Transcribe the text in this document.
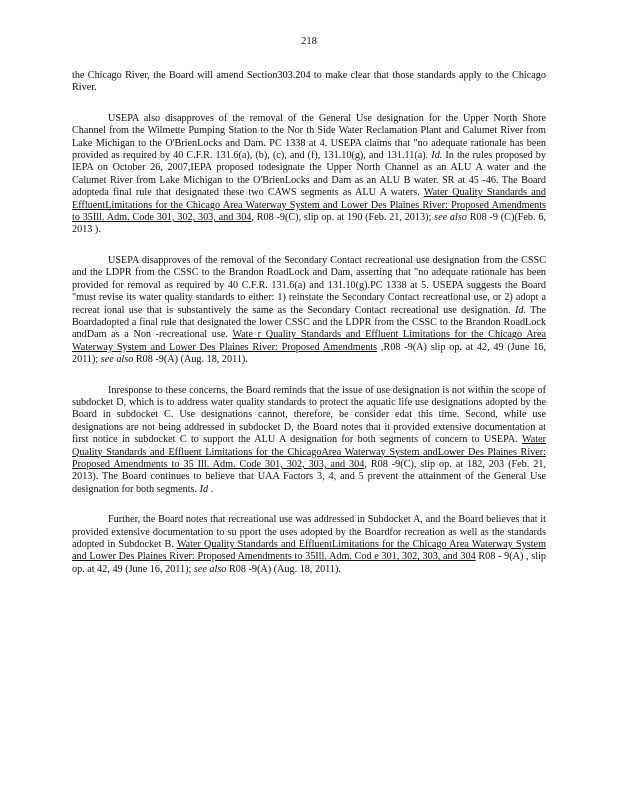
218

the Chicago River, the Board will amend Section303.204 to make clear that those standards apply to the Chicago River.

USEPA also disapproves of the removal of the General Use designation for the Upper North Shore Channel from the Wilmette Pumping Station to the Nor th Side Water Reclamation Plant and Calumet River from Lake Michigan to the O'BrienLocks and Dam. PC 1338 at 4. USEPA claims that "no adequate rationale has been provided as required by 40 C.F.R. 131.6(a), (b), (c), and (f), 131.10(g), and 131.11(a). Id. In the rules proposed by IEPA on October 26, 2007,IEPA proposed todesignate the Upper North Channel as an ALU A water and the Calumet River from Lake Michigan to the O'BrienLocks and Dam as an ALU B water. SR at 45 -46. The Board adopteda final rule that designated these two CAWS segments as ALU A waters. Water Quality Standards and EffluentLimitations for the Chicago Area Waterway System and Lower Des Plaines River: Proposed Amendments to 35Ill. Adm. Code 301, 302, 303, and 304, R08 -9(C), slip op. at 190 (Feb. 21, 2013); see also R08 -9 (C)(Feb. 6, 2013 ).

USEPA disapproves of the removal of the Secondary Contact recreational use designation from the CSSC and the LDPR from the CSSC to the Brandon RoadLock and Dam, asserting that "no adequate rationale has been provided for removal as required by 40 C.F.R. 131.6(a) and 131.10(g).PC 1338 at 5. USEPA suggests the Board "must revise its water quality standards to either: 1) reinstate the Secondary Contact recreational use, or 2) adopt a recreat ional use that is substantively the same as the Secondary Contact recreational use designation. Id. The Boardadopted a final rule that designated the lower CSSC and the LDPR from the CSSC to the Brandon RoadLock andDam as a Non -recreational use. Wate r Quality Standards and Effluent Limitations for the Chicago Area Waterway System and Lower Des Plaines River: Proposed Amendments ,R08 -9(A) slip op. at 42, 49 (June 16, 2011); see also R08 -9(A) (Aug. 18, 2011).

Inresponse to these concerns, the Board reminds that the issue of use designation is not within the scope of subdocket D, which is to address water quality standards to protect the aquatic life use designations adopted by the Board in subdocket C. Use designations cannot, therefore, be consider edat this time. Second, while use designations are not being addressed in subdocket D, the Board notes that it provided extensive documentation at first notice in subdocket C to support the ALU A designation for both segments of concern to USEPA. Water Quality Standards and Effluent Limitations for the ChicagoArea Waterway System andLower Des Plaines River: Proposed Amendments to 35 Ill. Adm. Code 301, 302, 303, and 304, R08 -9(C), slip op. at 182, 203 (Feb. 21, 2013). The Board continues to believe that UAA Factors 3, 4, and 5 prevent the attainment of the General Use designation for both segments. Id .

Further, the Board notes that recreational use was addressed in Subdocket A, and the Board believes that it provided extensive documentation to su pport the uses adopted by the Boardfor recreation as well as the standards adopted in Subdocket B. Water Quality Standards and EffluentLimitations for the Chicago Area Waterway System and Lower Des Plaines River: Proposed Amendments to 35Ill. Adm. Cod e 301, 302, 303, and 304 R08 - 9(A) , slip op. at 42, 49 (June 16, 2011); see also R08 -9(A) (Aug. 18, 2011).
